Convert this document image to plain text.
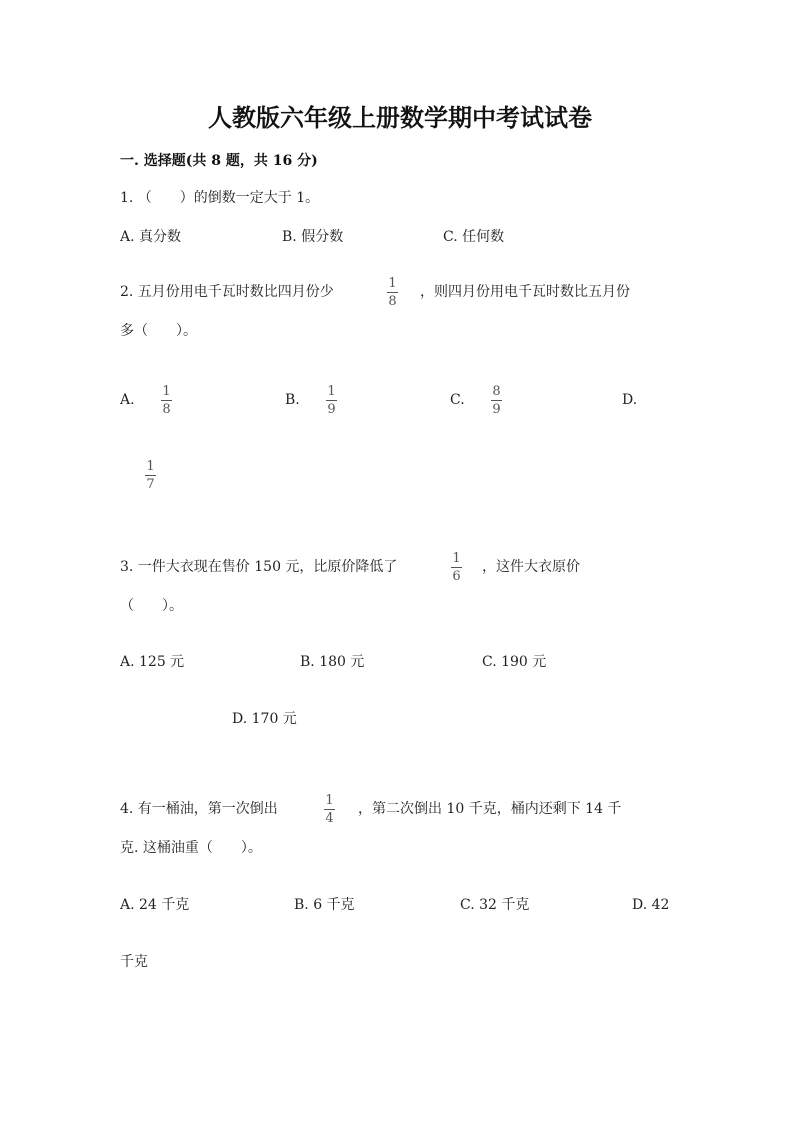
人教版六年级上册数学期中考试试卷
一. 选择题(共 8 题，共 16 分)
1. （　　）的倒数一定大于 1。
A. 真分数	B. 假分数	C. 任何数
2. 五月份用电千瓦时数比四月份少
1
8
，则四月份用电千瓦时数比五月份
多（　　）。
A.
1
8
B.
1
9
C.
8
9
D.
1
7
3. 一件大衣现在售价 150 元，比原价降低了
1
6
，这件大衣原价
（　　）。
A. 125 元	B. 180 元	C. 190 元
D. 170 元
4. 有一桶油，第一次倒出
1
4
，第二次倒出 10 千克，桶内还剩下 14 千
克. 这桶油重（　　）。
A. 24 千克	B. 6 千克	C. 32 千克	D. 42
千克
